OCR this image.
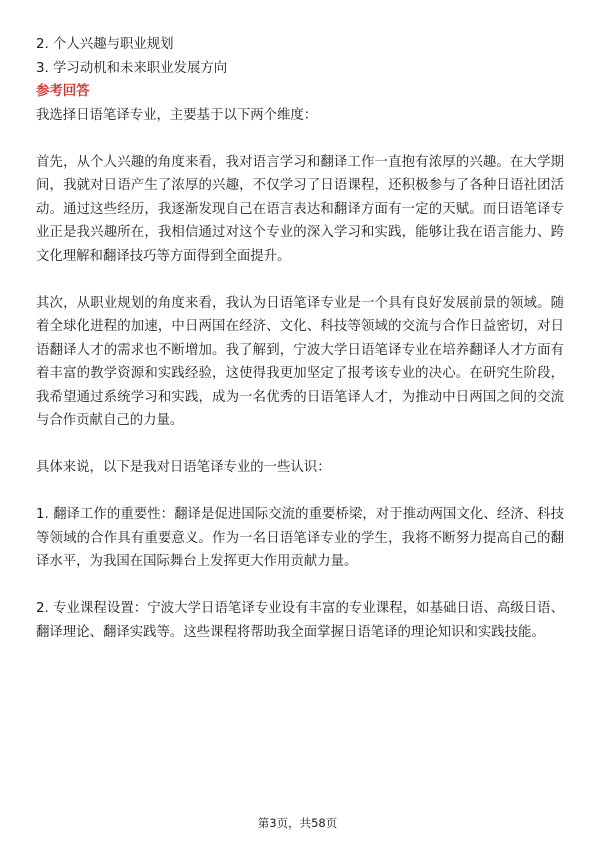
2. 个人兴趣与职业规划

3. 学习动机和未来职业发展方向

参考回答

我选择日语笔译专业，主要基于以下两个维度：

首先，从个人兴趣的角度来看，我对语言学习和翻译工作一直抱有浓厚的兴趣。在大学期间，我就对日语产生了浓厚的兴趣，不仅学习了日语课程，还积极参与了各种日语社团活动。通过这些经历，我逐渐发现自己在语言表达和翻译方面有一定的天赋。而日语笔译专业正是我兴趣所在，我相信通过对这个专业的深入学习和实践，能够让我在语言能力、跨文化理解和翻译技巧等方面得到全面提升。

其次，从职业规划的角度来看，我认为日语笔译专业是一个具有良好发展前景的领域。随着全球化进程的加速，中日两国在经济、文化、科技等领域的交流与合作日益密切，对日语翻译人才的需求也不断增加。我了解到，宁波大学日语笔译专业在培养翻译人才方面有着丰富的教学资源和实践经验，这使得我更加坚定了报考该专业的决心。在研究生阶段，我希望通过系统学习和实践，成为一名优秀的日语笔译人才，为推动中日两国之间的交流与合作贡献自己的力量。

具体来说，以下是我对日语笔译专业的一些认识：

1. 翻译工作的重要性：翻译是促进国际交流的重要桥梁，对于推动两国文化、经济、科技等领域的合作具有重要意义。作为一名日语笔译专业的学生，我将不断努力提高自己的翻译水平，为我国在国际舞台上发挥更大作用贡献力量。

2. 专业课程设置：宁波大学日语笔译专业设有丰富的专业课程，如基础日语、高级日语、翻译理论、翻译实践等。这些课程将帮助我全面掌握日语笔译的理论知识和实践技能。

第3页，共58页
